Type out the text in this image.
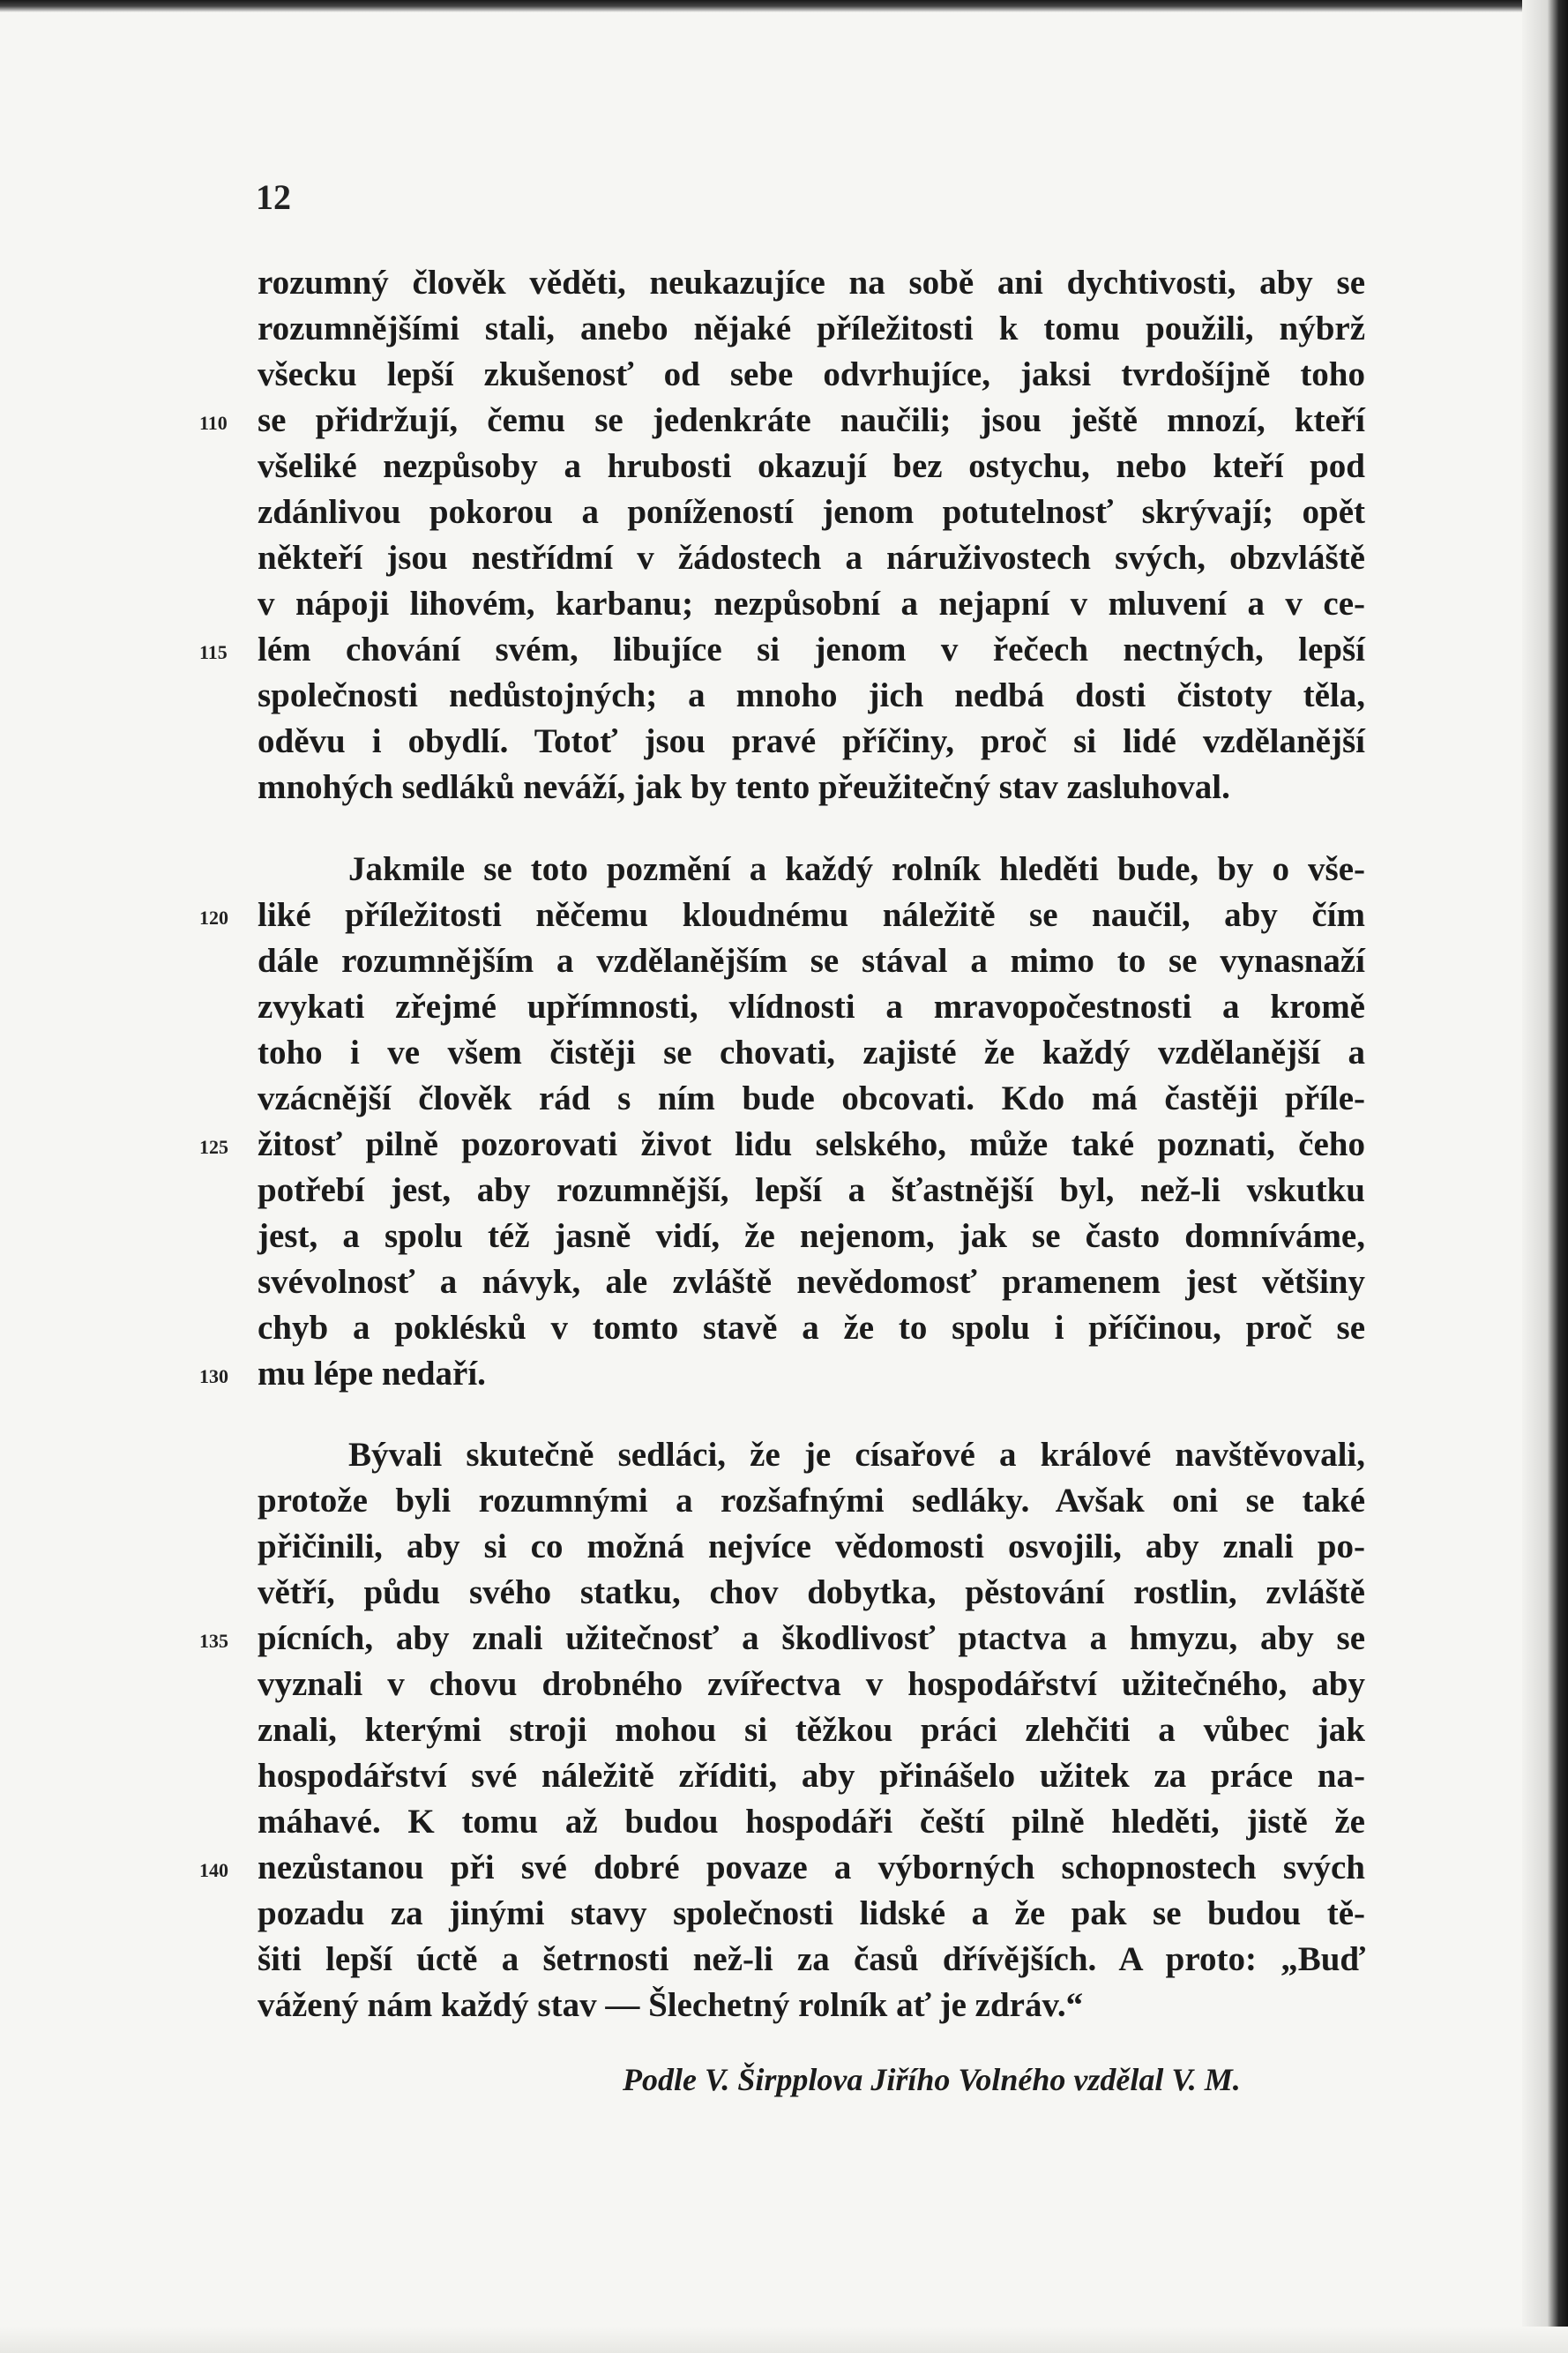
12
rozumný člověk věděti, neukazujíce na sobě ani dychtivosti, aby se
rozumnějšími stali, anebo nějaké příležitosti k tomu použili, nýbrž
všecku lepší zkušenosť od sebe odvrhujíce, jaksi tvrdošíjně toho
se přidržují, čemu se jedenkráte naučili; jsou ještě mnozí, kteří
všeliké nezpůsoby a hrubosti okazují bez ostychu, nebo kteří pod
zdánlivou pokorou a ponížeností jenom potutelnosť skrývají; opět
někteří jsou nestřídmí v žádostech a náruživostech svých, obzvláště
v nápoji lihovém, karbanu; nezpůsobní a nejapní v mluvení a v ce-
lém chování svém, libujíce si jenom v řečech nectných, lepší
společnosti nedůstojných; a mnoho jich nedbá dosti čistoty těla,
oděvu i obydlí. Totoť jsou pravé příčiny, proč si lidé vzdělanější
mnohých sedláků neváží, jak by tento přeužitečný stav zasluhoval.
Jakmile se toto pozmění a každý rolník hleděti bude, by o vše-
liké příležitosti něčemu kloudnému náležitě se naučil, aby čím
dále rozumnějším a vzdělanějším se stával a mimo to se vynasnaží
zvykati zřejmé upřímnosti, vlídnosti a mravopočestnosti a kromě
toho i ve všem čistěji se chovati, zajisté že každý vzdělanější a
vzácnější člověk rád s ním bude obcovati. Kdo má častěji příle-
žitosť pilně pozorovati život lidu selského, může také poznati, čeho
potřebí jest, aby rozumnější, lepší a šťastnější byl, než-li vskutku
jest, a spolu též jasně vidí, že nejenom, jak se často domníváme,
svévolnosť a návyk, ale zvláště nevědomosť pramenem jest většiny
chyb a poklésků v tomto stavě a že to spolu i příčinou, proč se
mu lépe nedaří.
Bývali skutečně sedláci, že je císařové a králové navštěvovali,
protože byli rozumnými a rozšafnými sedláky. Avšak oni se také
přičinili, aby si co možná nejvíce vědomosti osvojili, aby znali po-
větří, půdu svého statku, chov dobytka, pěstování rostlin, zvláště
pícních, aby znali užitečnosť a škodlivosť ptactva a hmyzu, aby se
vyznali v chovu drobného zvířectva v hospodářství užitečného, aby
znali, kterými stroji mohou si těžkou práci zlehčiti a vůbec jak
hospodářství své náležitě zříditi, aby přinášelo užitek za práce na-
máhavé. K tomu až budou hospodáři čeští pilně hleděti, jistě že
nezůstanou při své dobré povaze a výborných schopnostech svých
pozadu za jinými stavy společnosti lidské a že pak se budou tě-
šiti lepší úctě a šetrnosti než-li za časů dřívějších. A proto: „Buď
vážený nám každý stav — Šlechetný rolník ať je zdráv.“
110
115
120
125
130
135
140
Podle V. Širpplova Jiřího Volného vzdělal V. M.
